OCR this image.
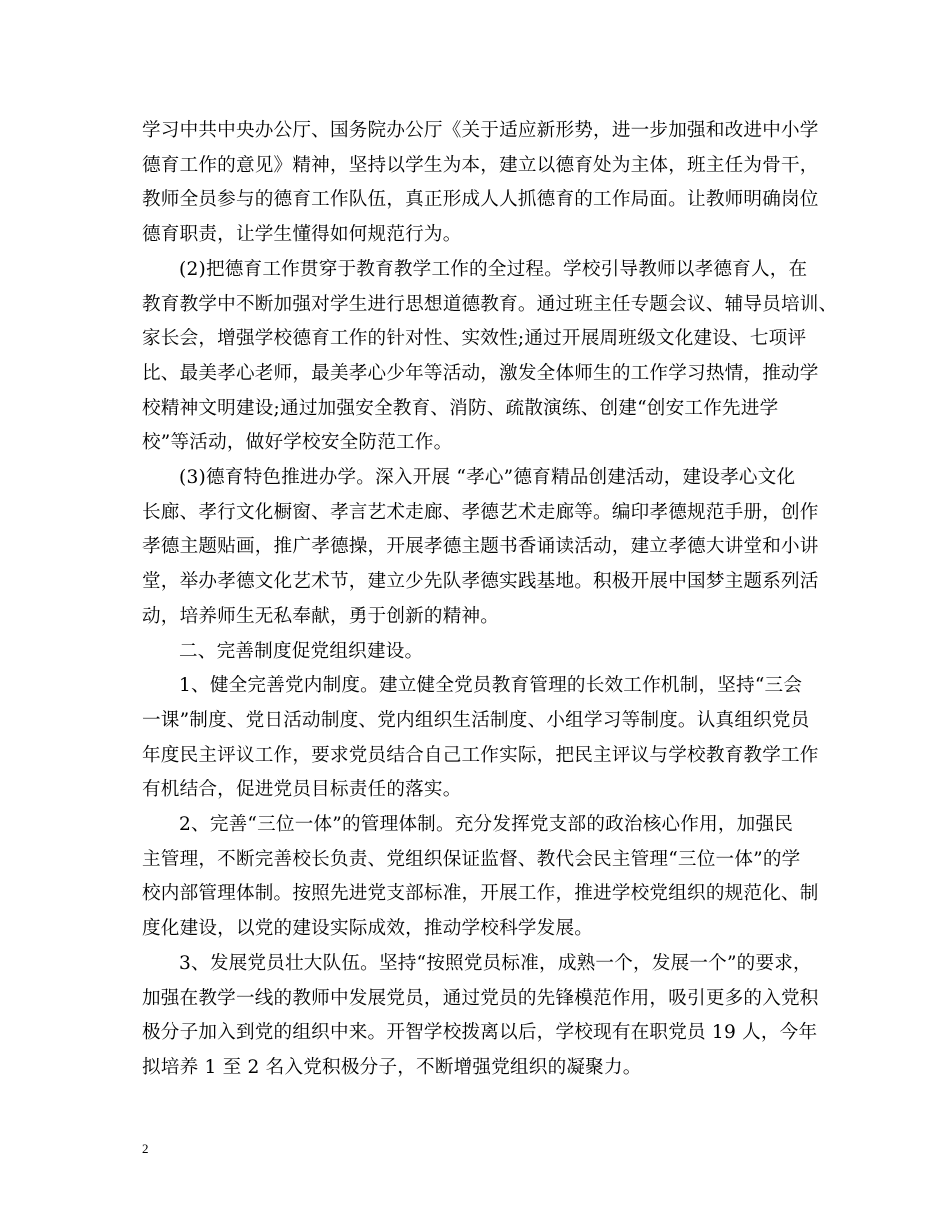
学习中共中央办公厅、国务院办公厅《关于适应新形势，进一步加强和改进中小学
德育工作的意见》精神，坚持以学生为本，建立以德育处为主体，班主任为骨干，
教师全员参与的德育工作队伍，真正形成人人抓德育的工作局面。让教师明确岗位
德育职责，让学生懂得如何规范行为。

(2)把德育工作贯穿于教育教学工作的全过程。学校引导教师以孝德育人，在
教育教学中不断加强对学生进行思想道德教育。通过班主任专题会议、辅导员培训、
家长会，增强学校德育工作的针对性、实效性;通过开展周班级文化建设、七项评
比、最美孝心老师，最美孝心少年等活动，激发全体师生的工作学习热情，推动学
校精神文明建设;通过加强安全教育、消防、疏散演练、创建“创安工作先进学
校”等活动，做好学校安全防范工作。

(3)德育特色推进办学。深入开展 “孝心”德育精品创建活动，建设孝心文化
长廊、孝行文化橱窗、孝言艺术走廊、孝德艺术走廊等。编印孝德规范手册，创作
孝德主题贴画，推广孝德操，开展孝德主题书香诵读活动，建立孝德大讲堂和小讲
堂，举办孝德文化艺术节，建立少先队孝德实践基地。积极开展中国梦主题系列活
动，培养师生无私奉献，勇于创新的精神。

二、完善制度促党组织建设。

1、健全完善党内制度。建立健全党员教育管理的长效工作机制，坚持“三会
一课”制度、党日活动制度、党内组织生活制度、小组学习等制度。认真组织党员
年度民主评议工作，要求党员结合自己工作实际，把民主评议与学校教育教学工作
有机结合，促进党员目标责任的落实。

2、完善“三位一体”的管理体制。充分发挥党支部的政治核心作用，加强民
主管理，不断完善校长负责、党组织保证监督、教代会民主管理“三位一体”的学
校内部管理体制。按照先进党支部标准，开展工作，推进学校党组织的规范化、制
度化建设，以党的建设实际成效，推动学校科学发展。

3、发展党员壮大队伍。坚持“按照党员标准，成熟一个，发展一个”的要求，
加强在教学一线的教师中发展党员，通过党员的先锋模范作用，吸引更多的入党积
极分子加入到党的组织中来。开智学校拨离以后，学校现有在职党员 19 人，今年
拟培养 1 至 2 名入党积极分子，不断增强党组织的凝聚力。

2
